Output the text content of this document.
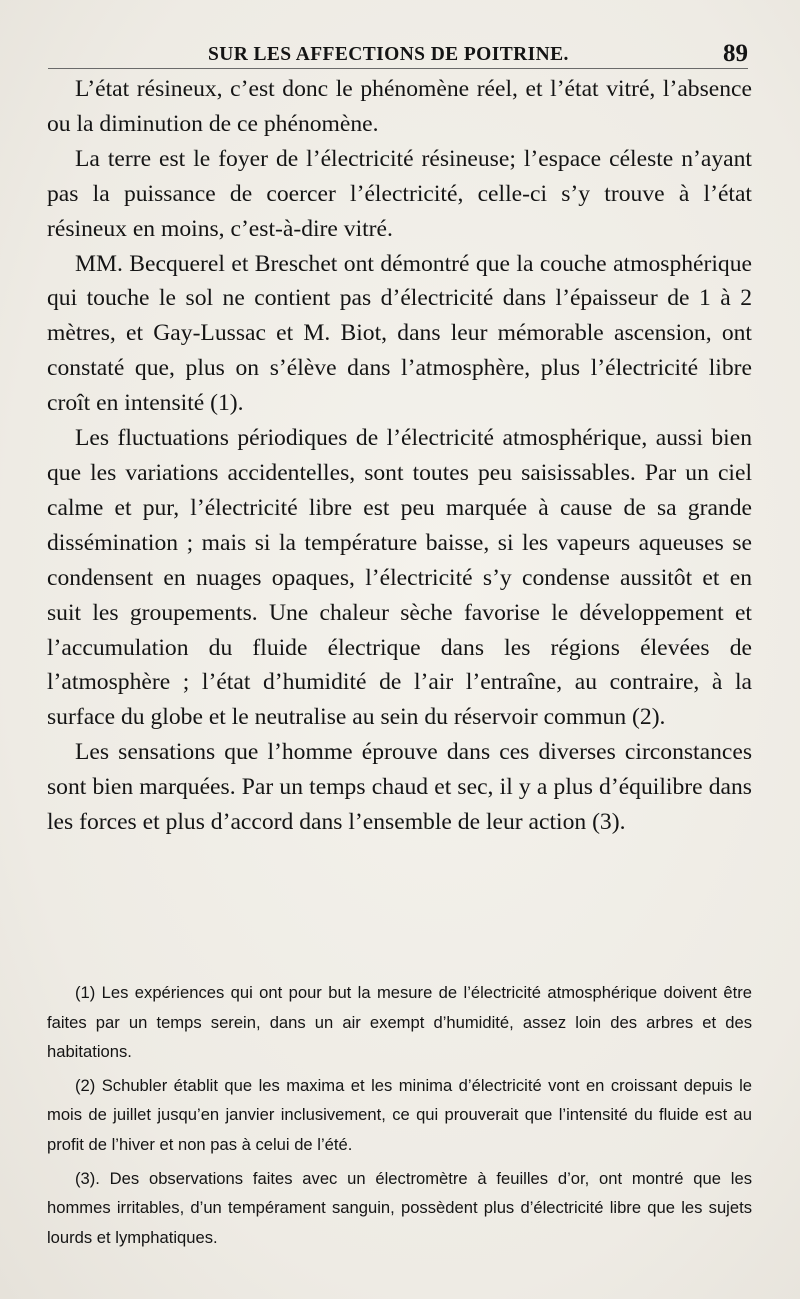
SUR LES AFFECTIONS DE POITRINE.	89

L’état résineux, c’est donc le phénomène réel, et l’état vitré, l’absence ou la diminution de ce phénomène.

La terre est le foyer de l’électricité résineuse; l’espace céleste n’ayant pas la puissance de coercer l’électricité, celle-ci s’y trouve à l’état résineux en moins, c’est-à-dire vitré.

MM. Becquerel et Breschet ont démontré que la couche atmosphérique qui touche le sol ne contient pas d’électricité dans l’épaisseur de 1 à 2 mètres, et Gay-Lussac et M. Biot, dans leur mémorable ascension, ont constaté que, plus on s’élève dans l’atmosphère, plus l’électricité libre croît en intensité (1).

Les fluctuations périodiques de l’électricité atmosphérique, aussi bien que les variations accidentelles, sont toutes peu saisissables. Par un ciel calme et pur, l’électricité libre est peu marquée à cause de sa grande dissémination ; mais si la température baisse, si les vapeurs aqueuses se condensent en nuages opaques, l’électricité s’y condense aussitôt et en suit les groupements. Une chaleur sèche favorise le développement et l’accumulation du fluide électrique dans les régions élevées de l’atmosphère ; l’état d’humidité de l’air l’entraîne, au contraire, à la surface du globe et le neutralise au sein du réservoir commun (2).

Les sensations que l’homme éprouve dans ces diverses circonstances sont bien marquées. Par un temps chaud et sec, il y a plus d’équilibre dans les forces et plus d’accord dans l’ensemble de leur action (3).

(1) Les expériences qui ont pour but la mesure de l’électricité atmosphérique doivent être faites par un temps serein, dans un air exempt d’humidité, assez loin des arbres et des habitations.

(2) Schubler établit que les maxima et les minima d’électricité vont en croissant depuis le mois de juillet jusqu’en janvier inclusivement, ce qui prouverait que l’intensité du fluide est au profit de l’hiver et non pas à celui de l’été.

(3). Des observations faites avec un électromètre à feuilles d’or, ont montré que les hommes irritables, d’un tempérament sanguin, possèdent plus d’électricité libre que les sujets lourds et lymphatiques.
